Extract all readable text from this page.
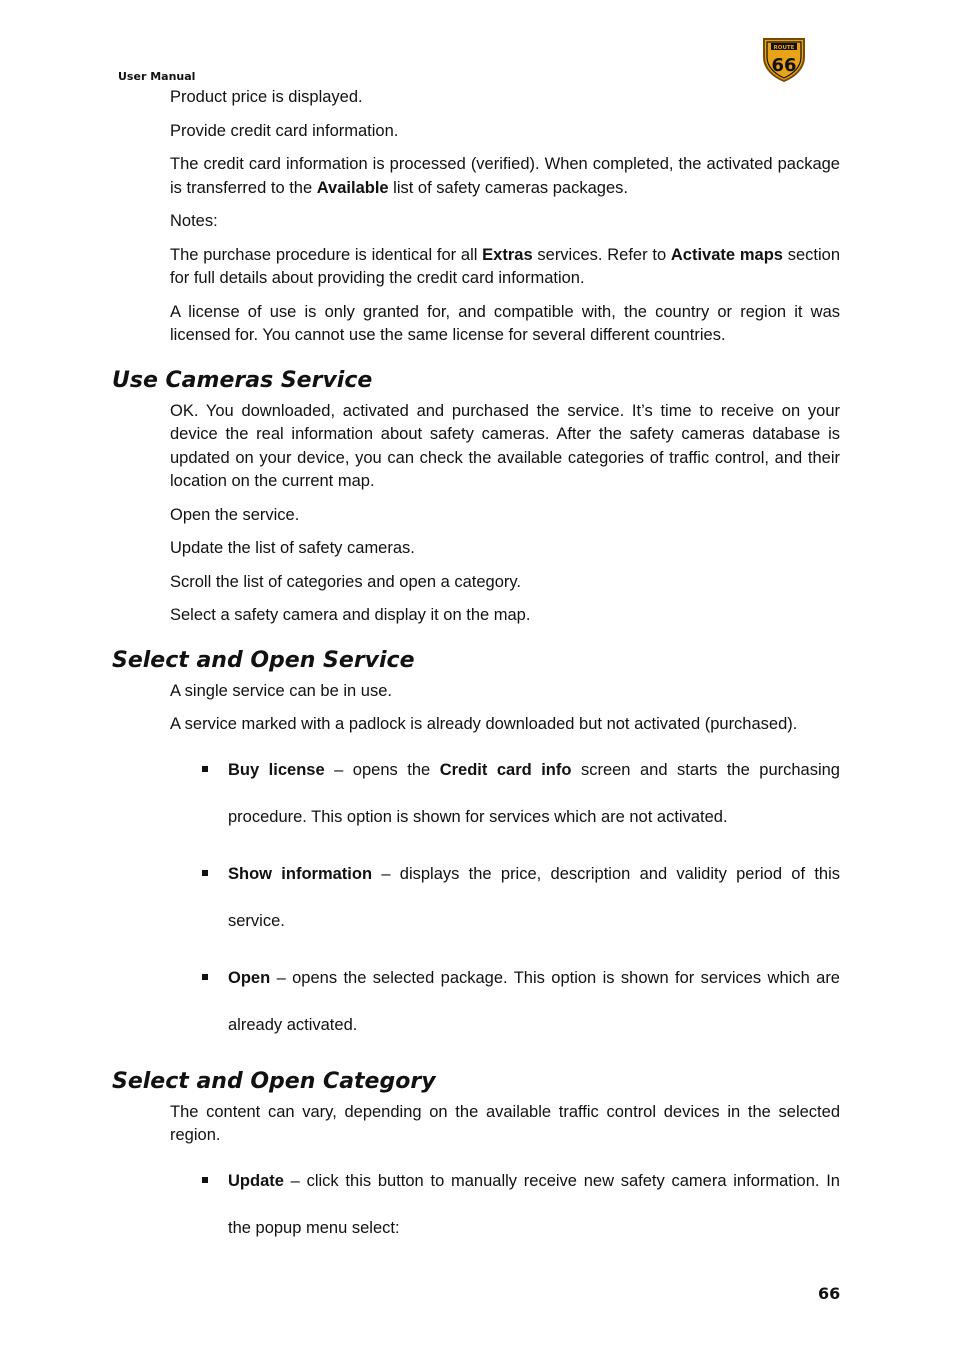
User Manual
ROUTE
66

Product price is displayed.

Provide credit card information.

The credit card information is processed (verified). When completed, the activated package is transferred to the Available list of safety cameras packages.

Notes:

The purchase procedure is identical for all Extras services. Refer to Activate maps section for full details about providing the credit card information.

A license of use is only granted for, and compatible with, the country or region it was licensed for. You cannot use the same license for several different countries.

Use Cameras Service

OK. You downloaded, activated and purchased the service. It’s time to receive on your device the real information about safety cameras. After the safety cameras database is updated on your device, you can check the available categories of traffic control, and their location on the current map.

Open the service.

Update the list of safety cameras.

Scroll the list of categories and open a category.

Select a safety camera and display it on the map.

Select and Open Service

A single service can be in use.

A service marked with a padlock is already downloaded but not activated (purchased).

Buy license – opens the Credit card info screen and starts the purchasing procedure. This option is shown for services which are not activated.
Show information – displays the price, description and validity period of this service.
Open – opens the selected package. This option is shown for services which are already activated.
Select and Open Category

The content can vary, depending on the available traffic control devices in the selected region.

Update – click this button to manually receive new safety camera information. In the popup menu select:
66
